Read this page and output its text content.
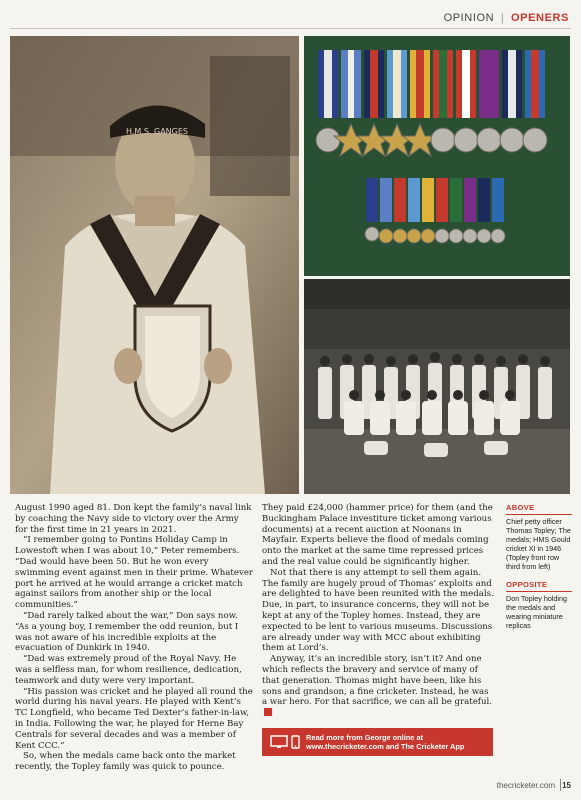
OPINION | OPENERS
H.M.S. GANGES

August 1990 aged 81. Don kept the family’s naval link by coaching the Navy side to victory over the Army for the first time in 21 years in 2021.

“I remember going to Pontins Holiday Camp in Lowestoft when I was about 10,” Peter remembers. “Dad would have been 50. But he won every swimming event against men in their prime. Whatever port he arrived at he would arrange a cricket match against sailors from another ship or the local communities.”

“Dad rarely talked about the war,” Don says now. “As a young boy, I remember the odd reunion, but I was not aware of his incredible exploits at the evacuation of Dunkirk in 1940.

“Dad was extremely proud of the Royal Navy. He was a selfless man, for whom resilience, dedication, teamwork and duty were very important.

“His passion was cricket and he played all round the world during his naval years. He played with Kent’s TC Longfield, who became Ted Dexter’s father-in-law, in India. Following the war, he played for Herne Bay Centrals for several decades and was a member of Kent CCC.”

So, when the medals came back onto the market recently, the Topley family was quick to pounce.

They paid £24,000 (hammer price) for them (and the Buckingham Palace investiture ticket among various documents) at a recent auction at Noonans in Mayfair. Experts believe the flood of medals coming onto the market at the same time repressed prices and the real value could be significantly higher.

Not that there is any attempt to sell them again. The family are hugely proud of Thomas’ exploits and are delighted to have been reunited with the medals. Due, in part, to insurance concerns, they will not be kept at any of the Topley homes. Instead, they are expected to be lent to various museums. Discussions are already under way with MCC about exhibiting them at Lord’s.

Anyway, it’s an incredible story, isn’t it? And one which reflects the bravery and service of many of that generation. Thomas might have been, like his sons and grandson, a fine cricketer. Instead, he was a war hero. For that sacrifice, we can all be grateful.

ABOVE
Chief petty officer Thomas Topley; The medals; HMS Gould cricket XI in 1946 (Topley front row third from left)
OPPOSITE
Don Topley holding the medals and wearing miniature replicas
Read more from George online at
www.thecricketer.com and The Cricketer App
thecricketer.com 15
